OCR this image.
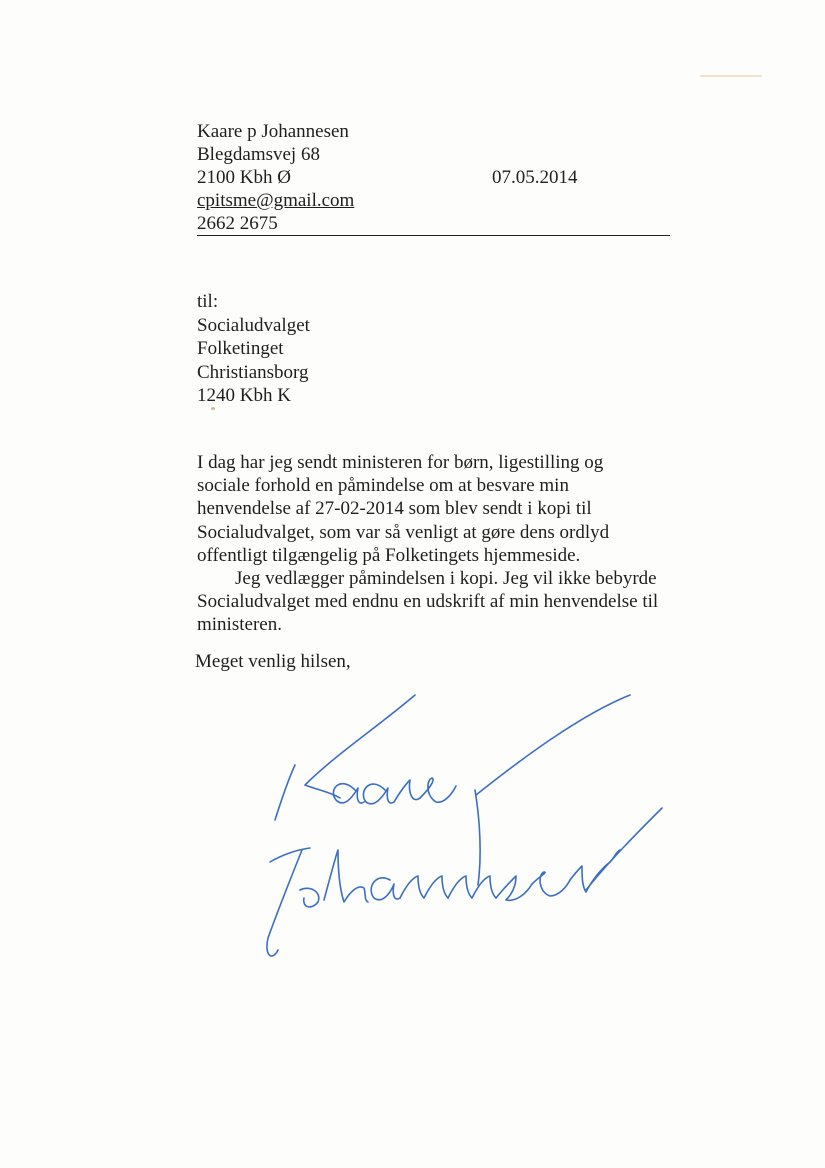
Kaare p Johannesen
Blegdamsvej 68
2100 Kbh Ø
cpitsme@gmail.com
2662 2675
07.05.2014
til:
Socialudvalget
Folketinget
Christiansborg
1240 Kbh K

I dag har jeg sendt ministeren for børn, ligestilling og
sociale forhold en påmindelse om at besvare min
henvendelse af 27-02-2014 som blev sendt i kopi til
Socialudvalget, som var så venligt at gøre dens ordlyd
offentligt tilgængelig på Folketingets hjemmeside.

Jeg vedlægger påmindelsen i kopi. Jeg vil ikke bebyrde
Socialudvalget med endnu en udskrift af min henvendelse til
ministeren.

Meget venlig hilsen,
